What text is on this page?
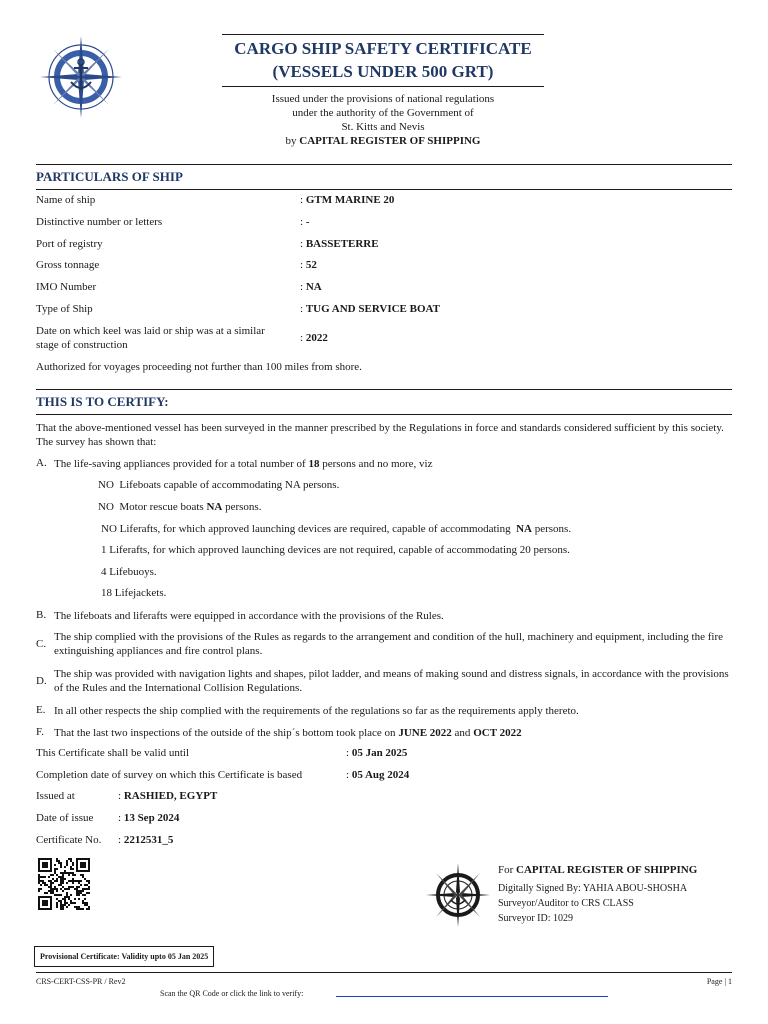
CARGO SHIP SAFETY CERTIFICATE
(VESSELS UNDER 500 GRT)
Issued under the provisions of national regulations
under the authority of the Government of
St. Kitts and Nevis
by CAPITAL REGISTER OF SHIPPING
PARTICULARS OF SHIP
Name of ship	: GTM MARINE 20
Distinctive number or letters	: -
Port of registry	: BASSETERRE
Gross tonnage	: 52
IMO Number	: NA
Type of Ship	: TUG AND SERVICE BOAT
Date on which keel was laid or ship was at a similar
stage of construction
: 2022
Authorized for voyages proceeding not further than 100 miles from shore.
THIS IS TO CERTIFY:
That the above-mentioned vessel has been surveyed in the manner prescribed by the Regulations in force and standards considered sufficient by this society. The survey has shown that:
A. The life-saving appliances provided for a total number of 18 persons and no more, viz
NO Lifeboats capable of accommodating NA persons.
NO Motor rescue boats NA persons.
NO Liferafts, for which approved launching devices are required, capable of accommodating NA persons.
1 Liferafts, for which approved launching devices are not required, capable of accommodating 20 persons.
4 Lifebuoys.
18 Lifejackets.
B. The lifeboats and liferafts were equipped in accordance with the provisions of the Rules.
C.
The ship complied with the provisions of the Rules as regards to the arrangement and condition of the hull, machinery and equipment, including the fire extinguishing appliances and fire control plans.
D.
The ship was provided with navigation lights and shapes, pilot ladder, and means of making sound and distress signals, in accordance with the provisions of the Rules and the International Collision Regulations.
E. In all other respects the ship complied with the requirements of the regulations so far as the requirements apply thereto.
F. That the last two inspections of the outside of the ship´s bottom took place on JUNE 2022 and OCT 2022
This Certificate shall be valid until	: 05 Jan 2025
Completion date of survey on which this Certificate is based	: 05 Aug 2024
Issued at	: RASHIED, EGYPT
Date of issue : 13 Sep 2024
Certificate No. : 2212531_5
For CAPITAL REGISTER OF SHIPPING
Digitally Signed By: YAHIA ABOU-SHOSHA
Surveyor/Auditor to CRS CLASS
Surveyor ID: 1029
Provisional Certificate: Validity upto 05 Jan 2025
CRS-CERT-CSS-PR / Rev2	Page | 1
Scan the QR Code or click the link to verify:
